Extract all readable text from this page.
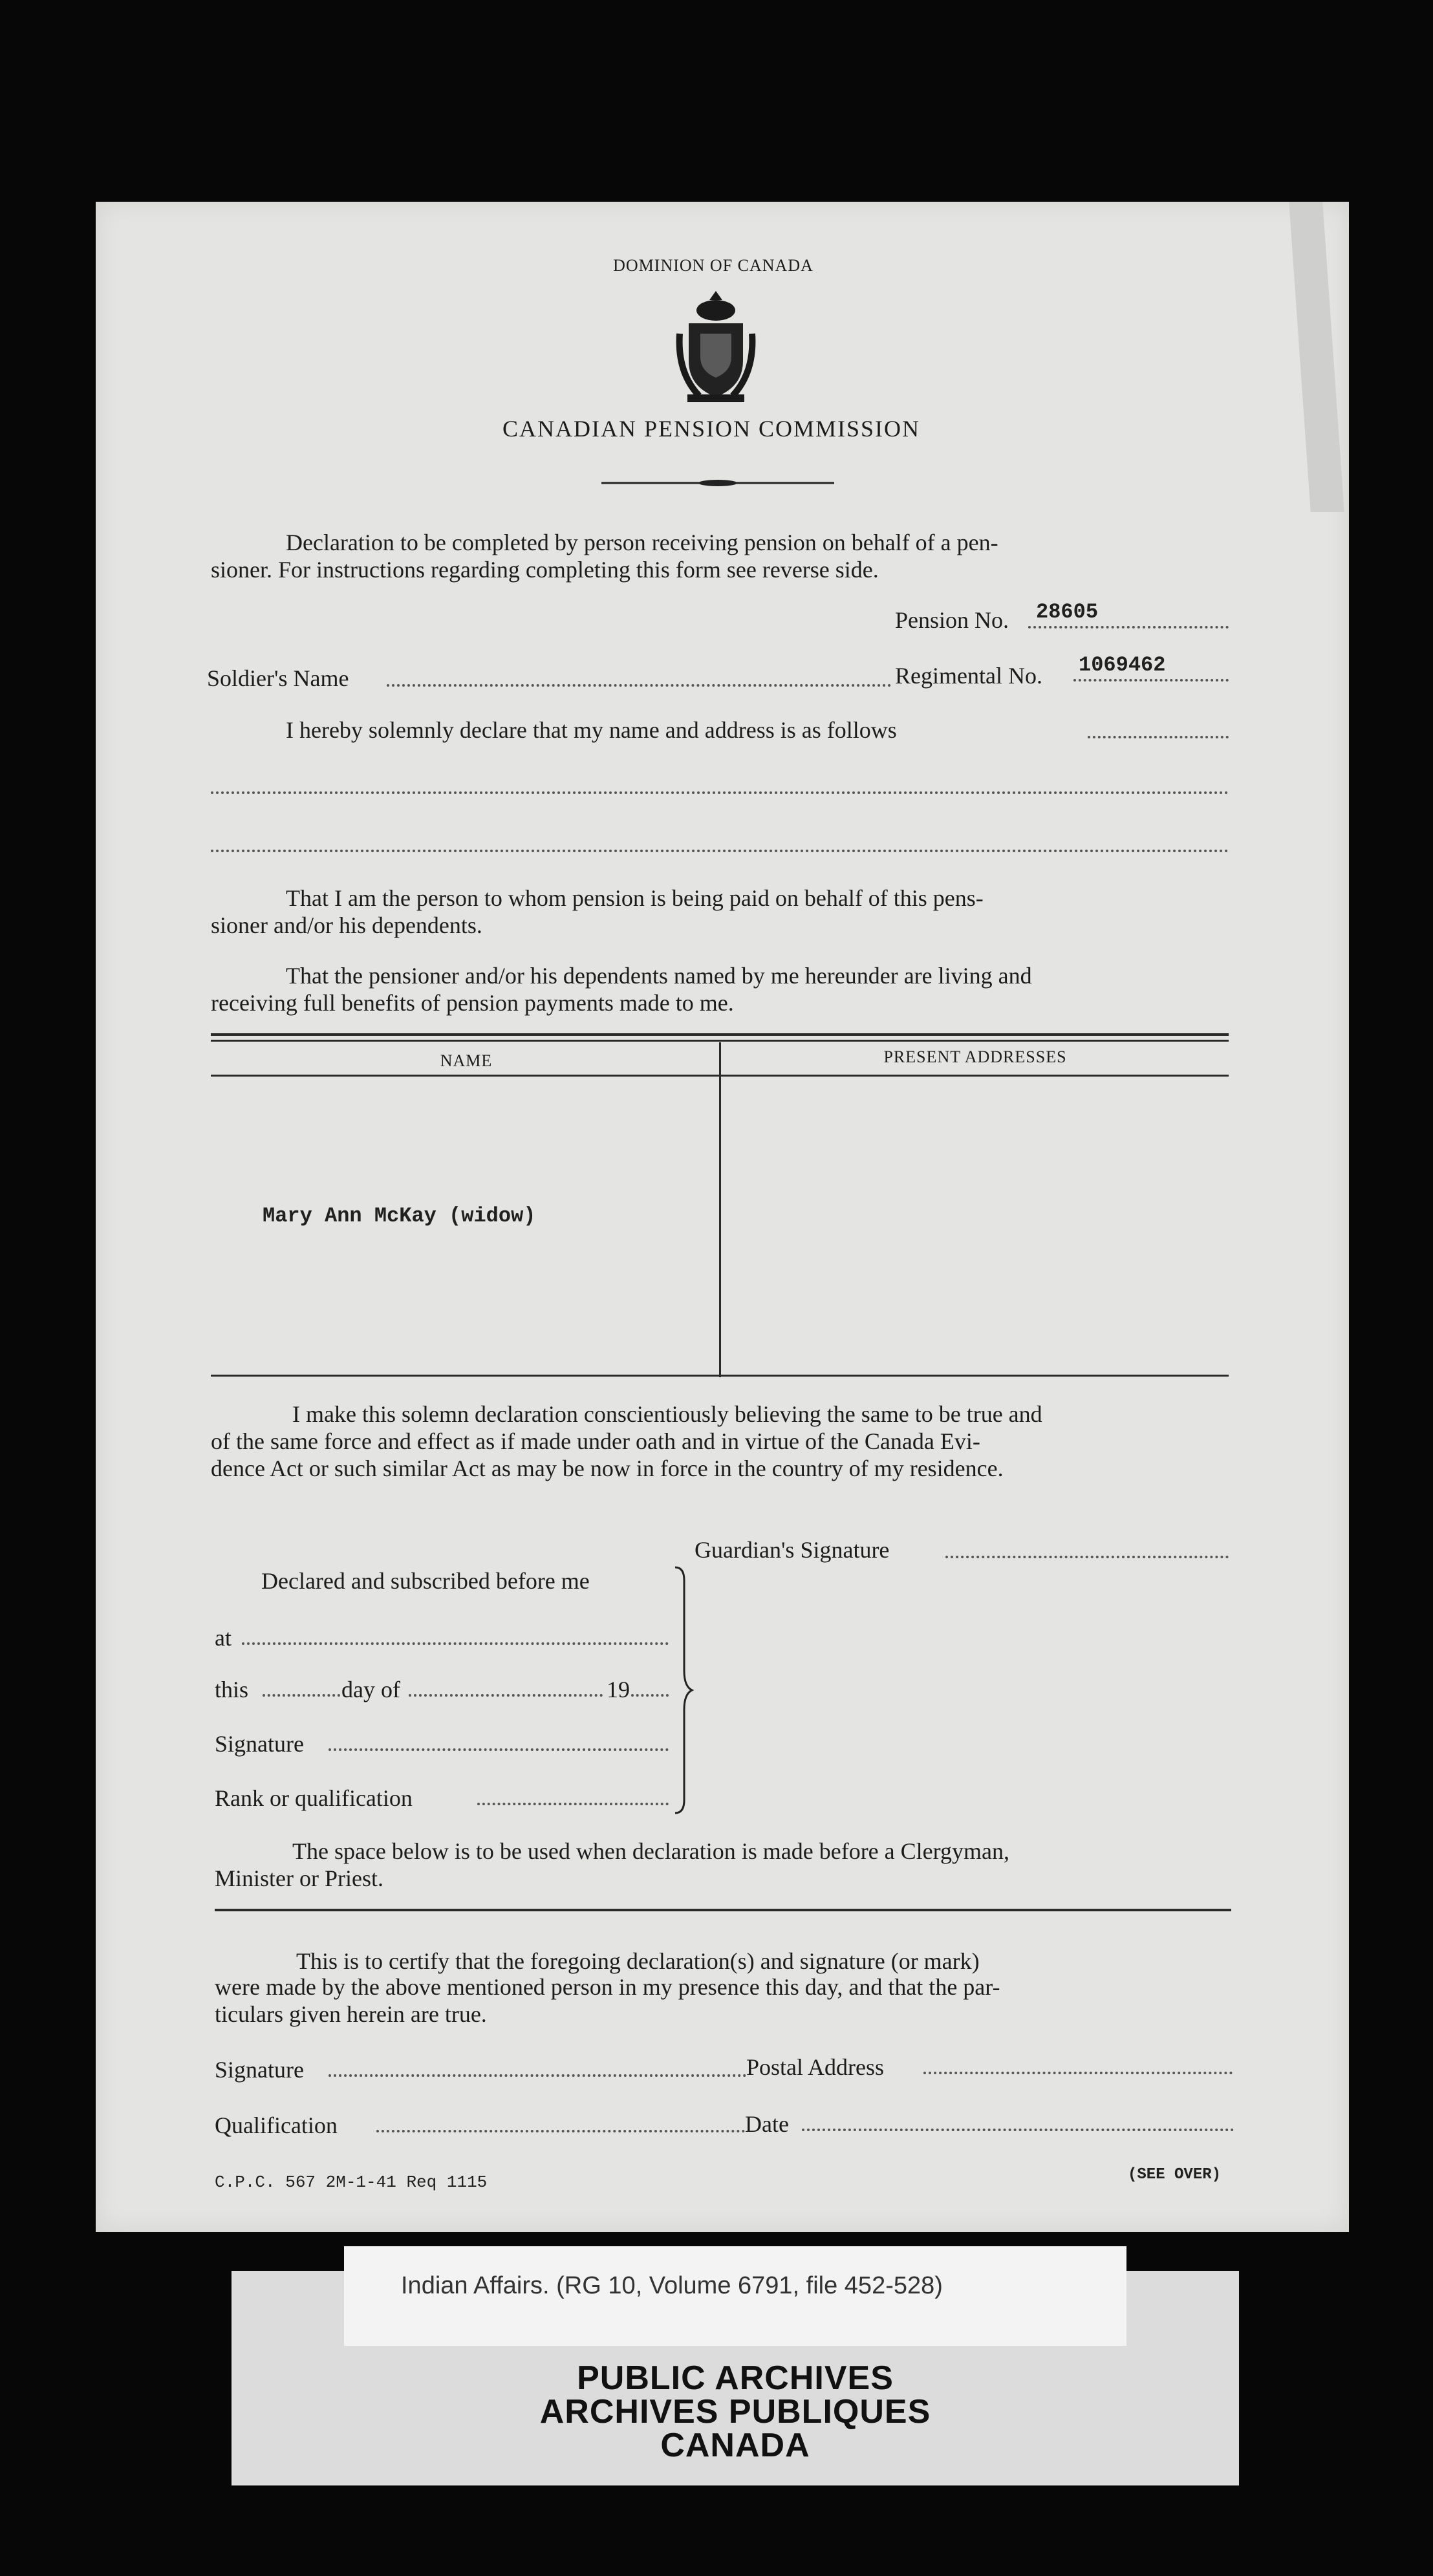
DOMINION OF CANADA
CANADIAN PENSION COMMISSION
Declaration to be completed by person receiving pension on behalf of a pen-
sioner. For instructions regarding completing this form see reverse side.
Pension No. 28605
Soldier's Name	Regimental No. 1069462
I hereby solemnly declare that my name and address is as follows
That I am the person to whom pension is being paid on behalf of this pens-
sioner and/or his dependents.
That the pensioner and/or his dependents named by me hereunder are living and
receiving full benefits of pension payments made to me.
NAME	PRESENT ADDRESSES
Mary Ann McKay (widow)
I make this solemn declaration conscientiously believing the same to be true and
of the same force and effect as if made under oath and in virtue of the Canada Evi-
dence Act or such similar Act as may be now in force in the country of my residence.
Guardian's Signature
Declared and subscribed before me
at
this	day of	19
Signature
Rank or qualification
The space below is to be used when declaration is made before a Clergyman,
Minister or Priest.
This is to certify that the foregoing declaration(s) and signature (or mark)
were made by the above mentioned person in my presence this day, and that the par-
ticulars given herein are true.
Signature	Postal Address
Qualification	Date
C.P.C. 567 2M-1-41 Req 1115	(SEE OVER)
Indian Affairs. (RG 10, Volume 6791, file 452-528)
PUBLIC ARCHIVES
ARCHIVES PUBLIQUES
CANADA
